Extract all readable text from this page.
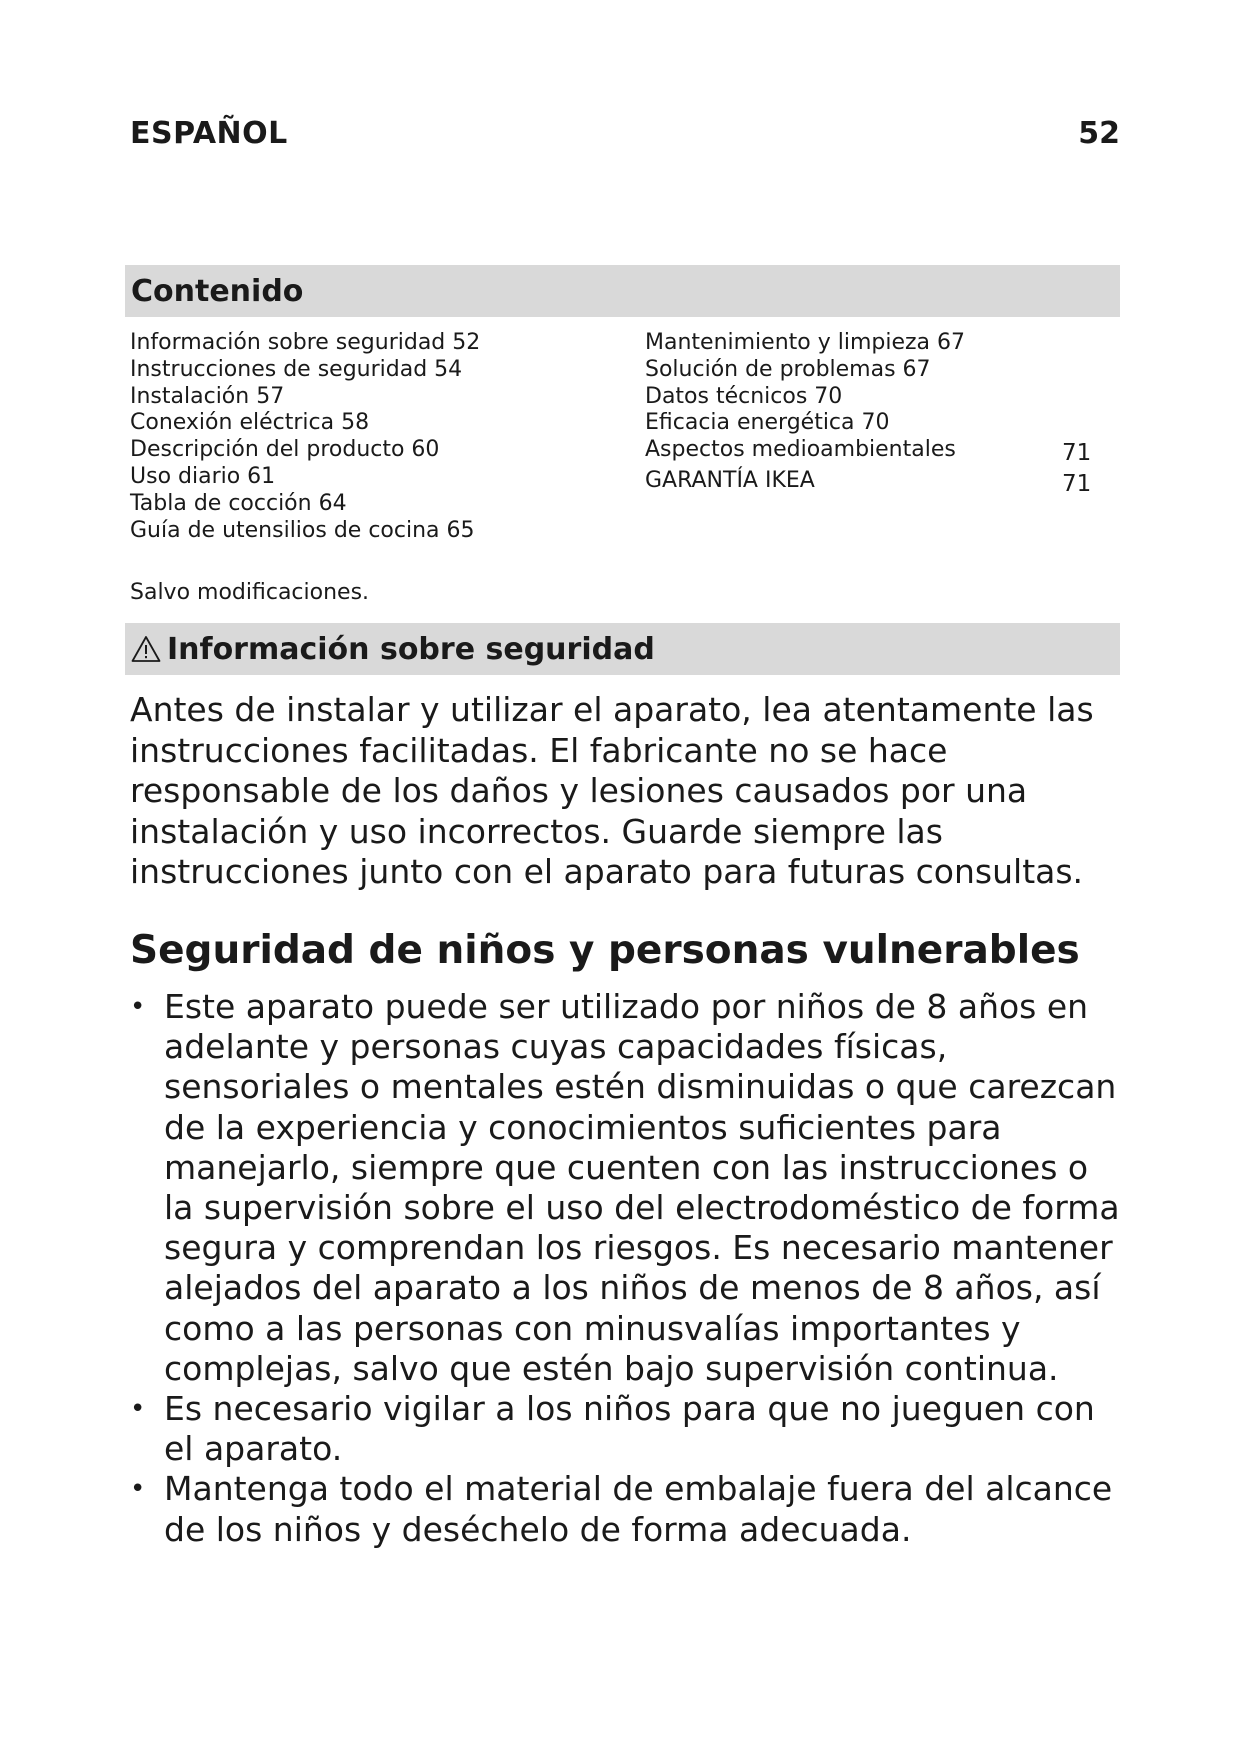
ESPAÑOL	52
Contenido
Información sobre seguridad 52
Instrucciones de seguridad 54
Instalación 57
Conexión eléctrica 58
Descripción del producto 60
Uso diario 61
Tabla de cocción 64
Guía de utensilios de cocina 65
Mantenimiento y limpieza 67
Solución de problemas 67
Datos técnicos 70
Eficacia energética 70
Aspectos medioambientales	71
GARANTÍA IKEA	71
Salvo modificaciones.
Información sobre seguridad

Antes de instalar y utilizar el aparato, lea atentamente las instrucciones facilitadas. El fabricante no se hace responsable de los daños y lesiones causados por una instalación y uso incorrectos. Guarde siempre las instrucciones junto con el aparato para futuras consultas.

Seguridad de niños y personas vulnerables
• Este aparato puede ser utilizado por niños de 8 años en adelante y personas cuyas capacidades físicas, sensoriales o mentales estén disminuidas o que carezcan de la experiencia y conocimientos suficientes para manejarlo, siempre que cuenten con las instrucciones o la supervisión sobre el uso del electrodoméstico de forma segura y comprendan los riesgos. Es necesario mantener alejados del aparato a los niños de menos de 8 años, así como a las personas con minusvalías importantes y complejas, salvo que estén bajo supervisión continua.
• Es necesario vigilar a los niños para que no jueguen con el aparato.
• Mantenga todo el material de embalaje fuera del alcance de los niños y deséchelo de forma adecuada.
